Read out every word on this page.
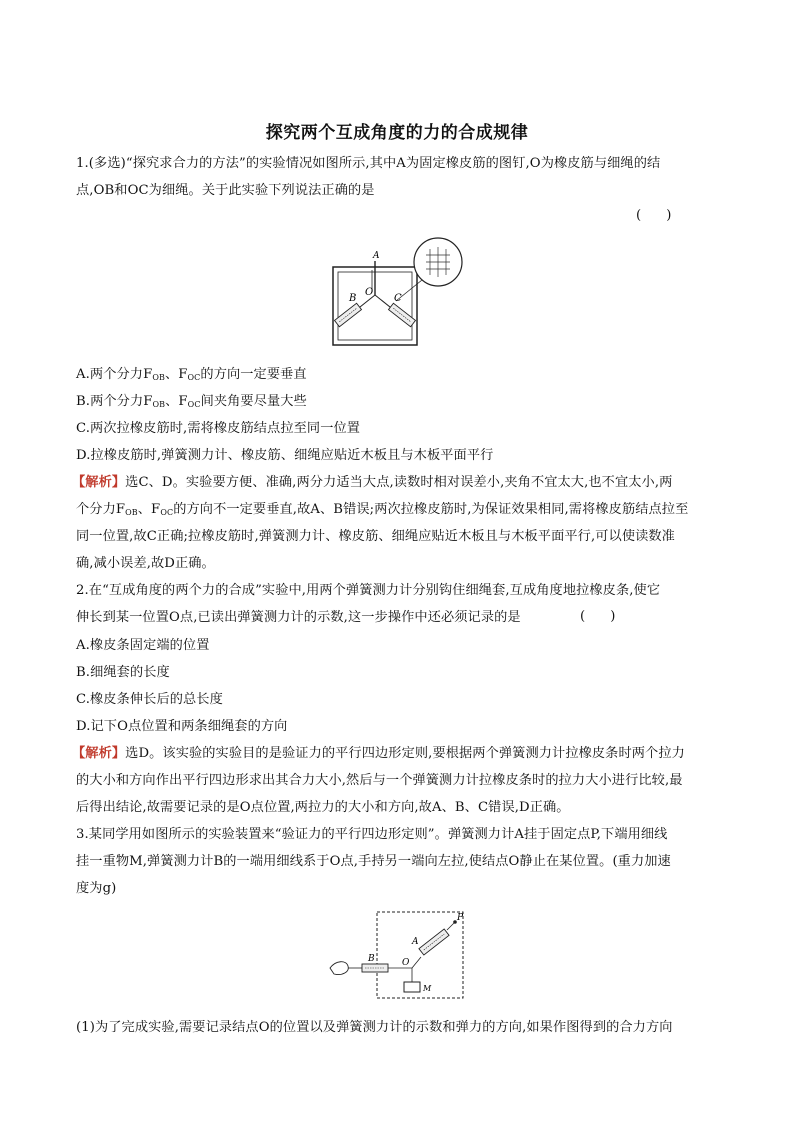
探究两个互成角度的力的合成规律
1.(多选)“探究求合力的方法”的实验情况如图所示,其中A为固定橡皮筋的图钉,O为橡皮筋与细绳的结
点,OB和OC为细绳。关于此实验下列说法正确的是
(      )
A
O
B	C
A.两个分力$F_{OB}$、$F_{OC}$的方向一定要垂直
B.两个分力$F_{OB}$、$F_{OC}$间夹角要尽量大些
C.两次拉橡皮筋时,需将橡皮筋结点拉至同一位置
D.拉橡皮筋时,弹簧测力计、橡皮筋、细绳应贴近木板且与木板平面平行
【解析】选C、D。实验要方便、准确,两分力适当大点,读数时相对误差小,夹角不宜太大,也不宜太小,两
个分力$F_{OB}$、$F_{OC}$的方向不一定要垂直,故A、B错误;两次拉橡皮筋时,为保证效果相同,需将橡皮筋结点拉至
同一位置,故C正确;拉橡皮筋时,弹簧测力计、橡皮筋、细绳应贴近木板且与木板平面平行,可以使读数准
确,减小误差,故D正确。
2.在“互成角度的两个力的合成”实验中,用两个弹簧测力计分别钩住细绳套,互成角度地拉橡皮条,使它
伸长到某一位置O点,已读出弹簧测力计的示数,这一步操作中还必须记录的是	(      )
A.橡皮条固定端的位置
B.细绳套的长度
C.橡皮条伸长后的总长度
D.记下O点位置和两条细绳套的方向
【解析】选D。该实验的实验目的是验证力的平行四边形定则,要根据两个弹簧测力计拉橡皮条时两个拉力
的大小和方向作出平行四边形求出其合力大小,然后与一个弹簧测力计拉橡皮条时的拉力大小进行比较,最
后得出结论,故需要记录的是O点位置,两拉力的大小和方向,故A、B、C错误,D正确。
3.某同学用如图所示的实验装置来“验证力的平行四边形定则”。弹簧测力计A挂于固定点P,下端用细线
挂一重物M,弹簧测力计B的一端用细线系于O点,手持另一端向左拉,使结点O静止在某位置。(重力加速
度为g)
P
A
B	O
M
(1)为了完成实验,需要记录结点O的位置以及弹簧测力计的示数和弹力的方向,如果作图得到的合力方向
